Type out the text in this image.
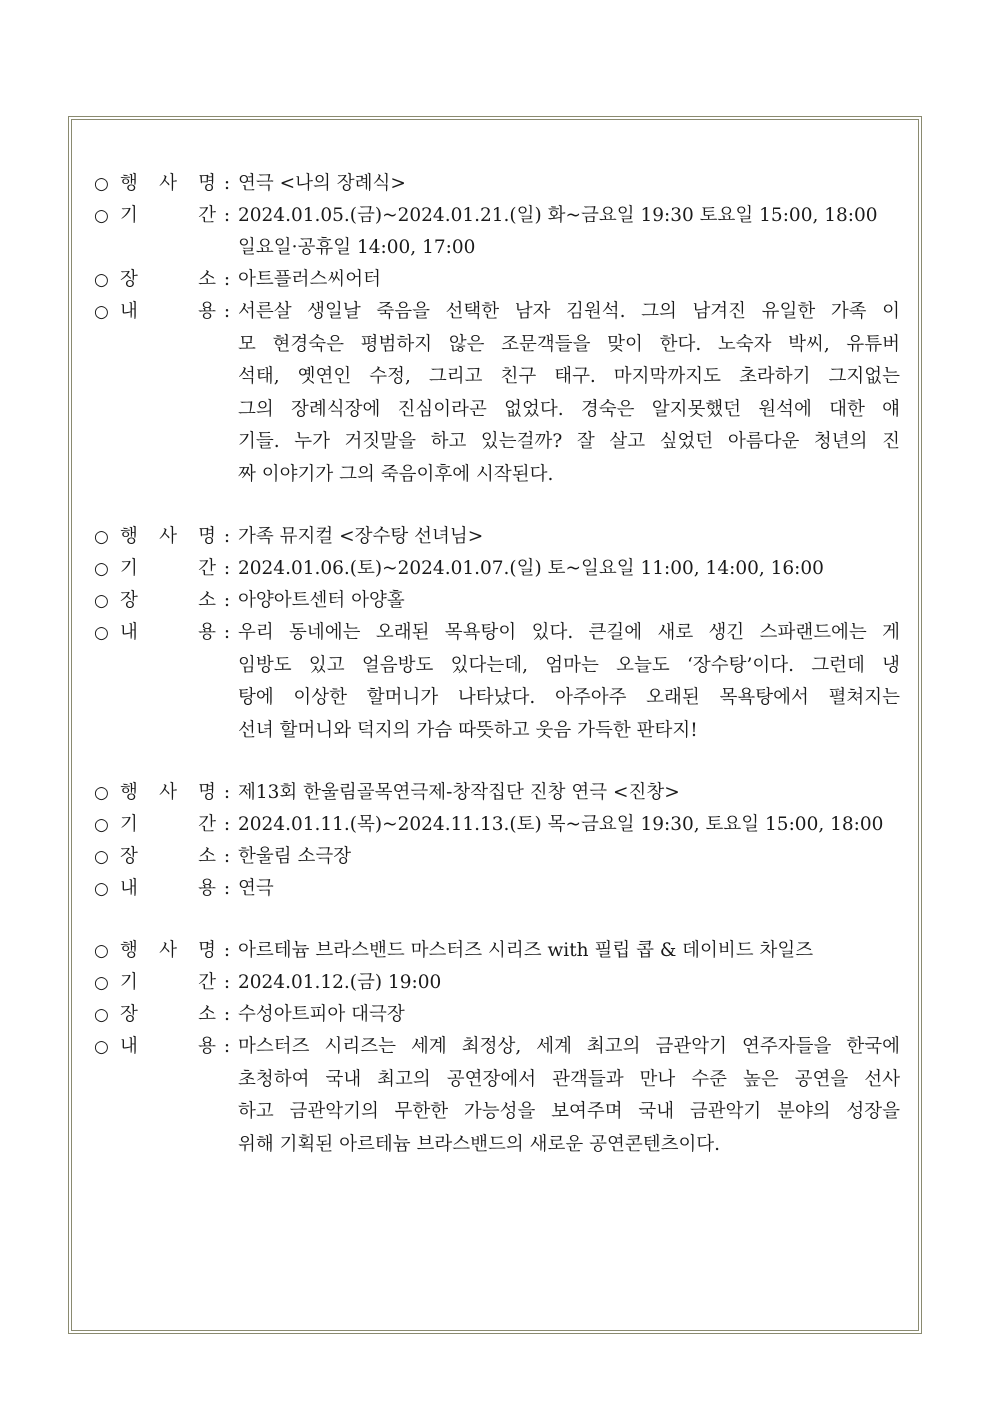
○ 행 사 명 : 연극 <나의 장례식>
○ 기	간 : 2024.01.05.(금)~2024.01.21.(일) 화~금요일 19:30 토요일 15:00, 18:00
일요일·공휴일 14:00, 17:00
○ 장	소 : 아트플러스씨어터
○ 내	용 : 서른살 생일날 죽음을 선택한 남자 김원석. 그의 남겨진 유일한 가족 이
모 현경숙은 평범하지 않은 조문객들을 맞이 한다. 노숙자 박씨, 유튜버
석태, 옛연인 수정, 그리고 친구 태구. 마지막까지도 초라하기 그지없는
그의 장례식장에 진심이라곤 없었다. 경숙은 알지못했던 원석에 대한 얘
기들. 누가 거짓말을 하고 있는걸까? 잘 살고 싶었던 아름다운 청년의 진
짜 이야기가 그의 죽음이후에 시작된다.
○ 행 사 명 : 가족 뮤지컬 <장수탕 선녀님>
○ 기	간 : 2024.01.06.(토)~2024.01.07.(일) 토~일요일 11:00, 14:00, 16:00
○ 장	소 : 아양아트센터 아양홀
○ 내	용 : 우리 동네에는 오래된 목욕탕이 있다. 큰길에 새로 생긴 스파랜드에는 게
임방도 있고 얼음방도 있다는데, 엄마는 오늘도 ‘장수탕’이다. 그런데 냉
탕에 이상한 할머니가 나타났다. 아주아주 오래된 목욕탕에서 펼쳐지는
선녀 할머니와 덕지의 가슴 따뜻하고 웃음 가득한 판타지!
○ 행 사 명 : 제13회 한울림골목연극제-창작집단 진창 연극 <진창>
○ 기	간 : 2024.01.11.(목)~2024.11.13.(토) 목~금요일 19:30, 토요일 15:00, 18:00
○ 장	소 : 한울림 소극장
○ 내	용 : 연극
○ 행 사 명 : 아르테늄 브라스밴드 마스터즈 시리즈 with 필립 콥 & 데이비드 차일즈
○ 기	간 : 2024.01.12.(금) 19:00
○ 장	소 : 수성아트피아 대극장
○ 내	용 : 마스터즈 시리즈는 세계 최정상, 세계 최고의 금관악기 연주자들을 한국에
초청하여 국내 최고의 공연장에서 관객들과 만나 수준 높은 공연을 선사
하고 금관악기의 무한한 가능성을 보여주며 국내 금관악기 분야의 성장을
위해 기획된 아르테늄 브라스밴드의 새로운 공연콘텐츠이다.
